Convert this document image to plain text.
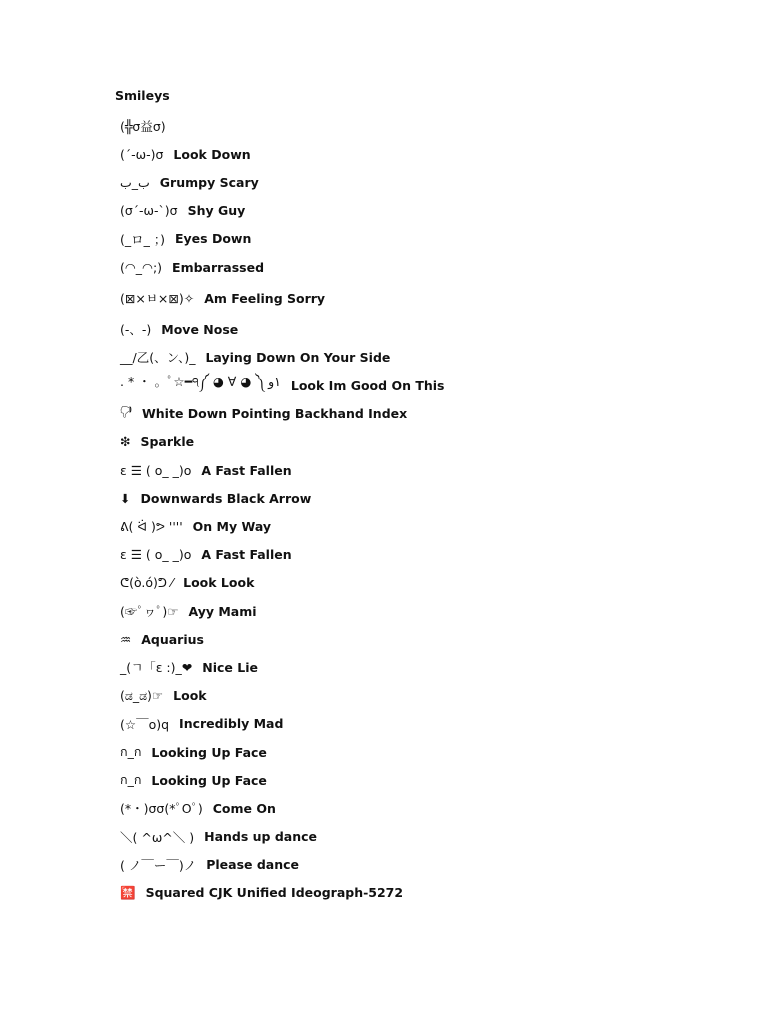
Smileys
(╬σ益σ)
(´-ω-)σ Look Down
ب_ب Grumpy Scary
(σ´-ω-`)σ Shy Guy
(_ロ_ ；) Eyes Down
(◠_◠;) Embarrassed
(⊠×ㅂ×⊠)✧ Am Feeling Sorry
(-、-) Move Nose
__/乙(、ン、)_ Laying Down On Your Side
. * ・ 。ﾟ☆━੧༼ ◕ ∀ ◕ ༽ ١و Look Im Good On This
🖓 White Down Pointing Backhand Index
❇ Sparkle
ε ☰ ( o_ _)o A Fast Fallen
⬇ Downwards Black Arrow
ᕕ( ᐛ )ᕗ '''' On My Way
ε ☰ ( o_ _)o A Fast Fallen
ᕦ(ò.ó)ᕤ ⁄ Look Look
(☞ﾟヮﾟ)☞ Ayy Mami
♒ Aquarius
_(ㄱ「ε :)_❤ Nice Lie
(ಡ_ಡ)☞ Look
(☆￣o)q Incredibly Mad
ก_ก Looking Up Face
ก_ก Looking Up Face
(*・)σσ(*ﾟOﾟ) Come On
＼( ^ω^＼ ) Hands up dance
( ノ￣ー￣)ノ Please dance
🈲 Squared CJK Unified Ideograph-5272
